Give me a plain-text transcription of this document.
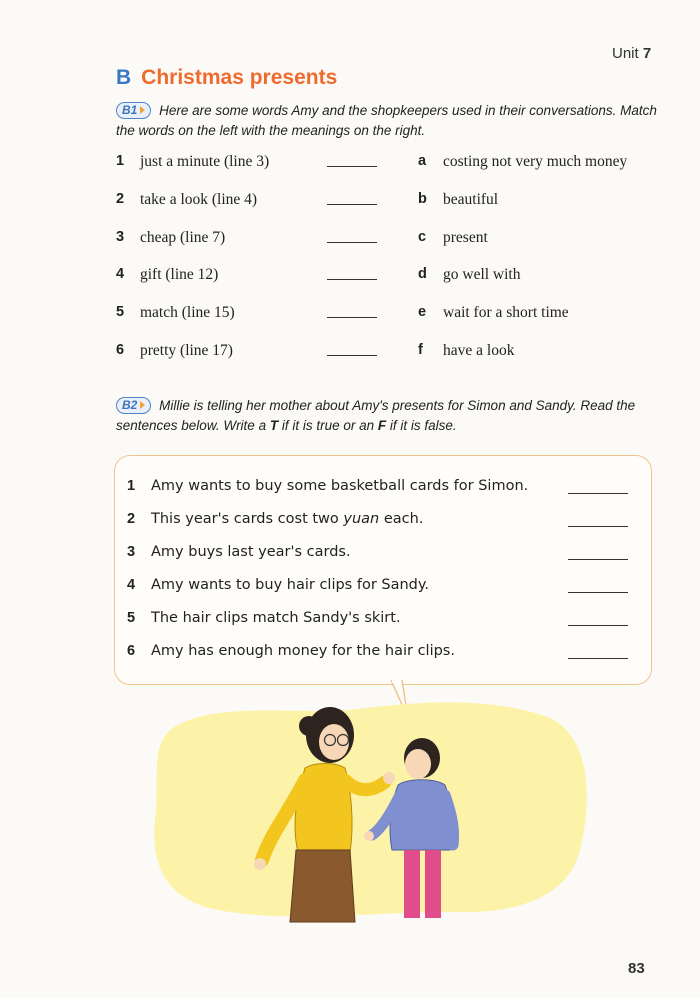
Unit 7
B Christmas presents
B1 Here are some words Amy and the shopkeepers used in their conversations. Match the words on the left with the meanings on the right.
1 just a minute (line 3)	a costing not very much money
2 take a look (line 4)	b beautiful
3 cheap (line 7)	c present
4 gift (line 12)	d go well with
5 match (line 15)	e wait for a short time
6 pretty (line 17)	f have a look
B2 Millie is telling her mother about Amy's presents for Simon and Sandy. Read the sentences below. Write a T if it is true or an F if it is false.
1 Amy wants to buy some basketball cards for Simon.
2 This year's cards cost two yuan each.
3 Amy buys last year's cards.
4 Amy wants to buy hair clips for Sandy.
5 The hair clips match Sandy's skirt.
6 Amy has enough money for the hair clips.
83
